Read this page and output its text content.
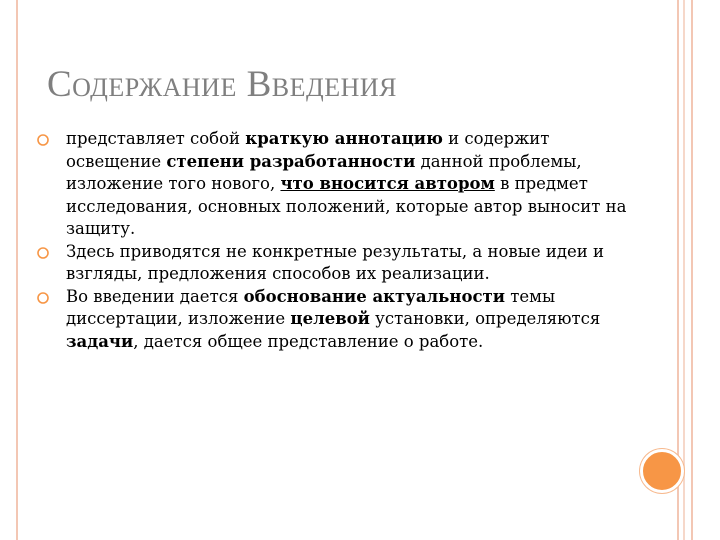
Содержание Введения
представляет собой краткую аннотацию и содержит освещение степени разработанности данной проблемы, изложение того нового, что вносится автором в предмет исследования, основных положений, которые автор выносит на защиту.
Здесь приводятся не конкретные результаты, а новые идеи и взгляды, предложения способов их реализации.
Во введении дается обоснование актуальности темы диссертации, изложение целевой установки, определяются задачи, дается общее представление о работе.
